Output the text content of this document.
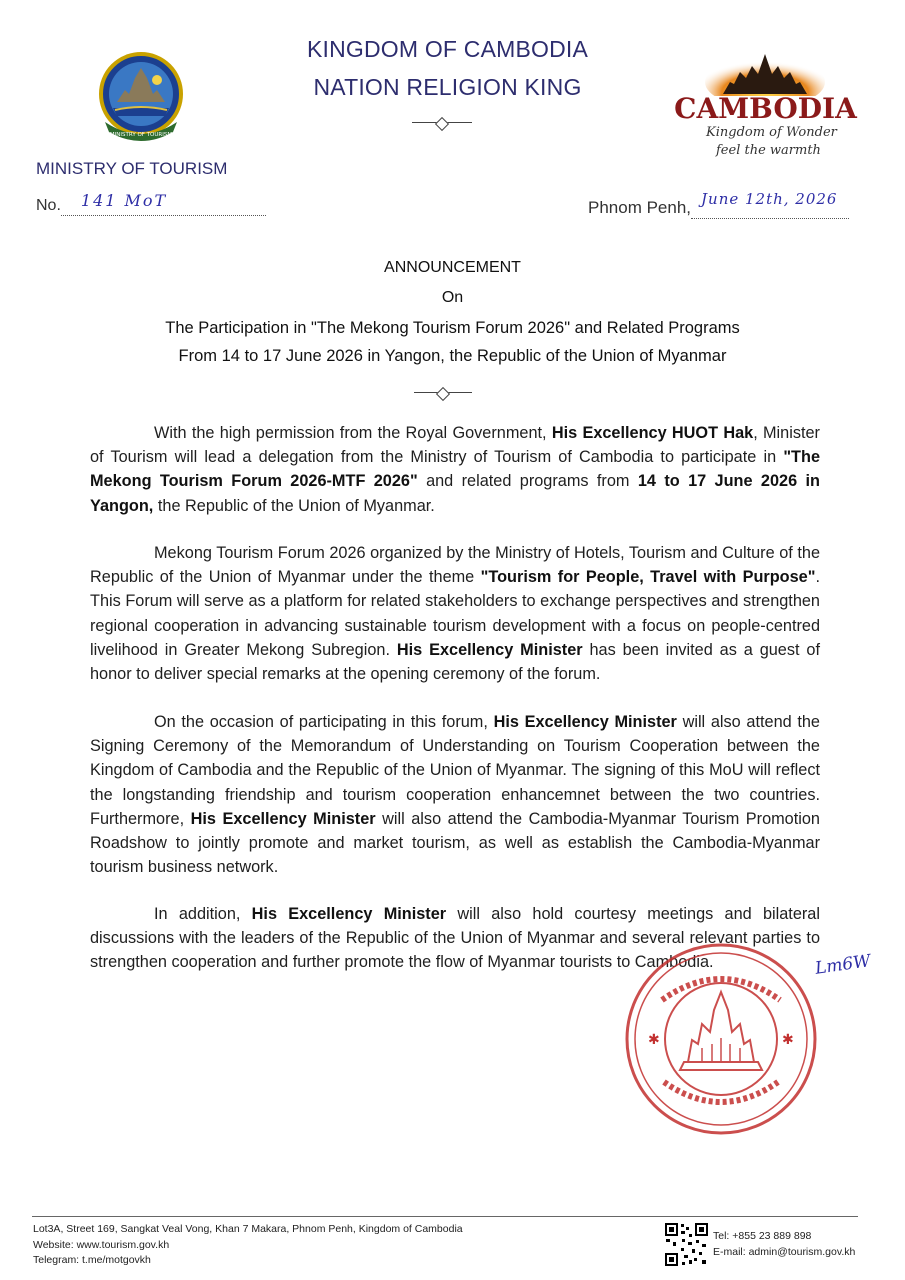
MINISTRY OF TOURISM
KINGDOM OF CAMBODIA
NATION RELIGION KING
CAMBODIA
Kingdom of Wonder
feel the warmth
MINISTRY OF TOURISM
No. 141 MoT
	Phnom Penh, June 12th, 2026

ANNOUNCEMENT
On
The Participation in "The Mekong Tourism Forum 2026" and Related Programs
From 14 to 17 June 2026 in Yangon, the Republic of the Union of Myanmar

With the high permission from the Royal Government, His Excellency HUOT Hak, Minister of Tourism will lead a delegation from the Ministry of Tourism of Cambodia to participate in "The Mekong Tourism Forum 2026-MTF 2026" and related programs from 14 to 17 June 2026 in Yangon, the Republic of the Union of Myanmar.

Mekong Tourism Forum 2026 organized by the Ministry of Hotels, Tourism and Culture of the Republic of the Union of Myanmar under the theme "Tourism for People, Travel with Purpose". This Forum will serve as a platform for related stakeholders to exchange perspectives and strengthen regional cooperation in advancing sustainable tourism development with a focus on people-centred livelihood in Greater Mekong Subregion. His Excellency Minister has been invited as a guest of honor to deliver special remarks at the opening ceremony of the forum.

On the occasion of participating in this forum, His Excellency Minister will also attend the Signing Ceremony of the Memorandum of Understanding on Tourism Cooperation between the Kingdom of Cambodia and the Republic of the Union of Myanmar. The signing of this MoU will reflect the longstanding friendship and tourism cooperation enhancemnet between the two countries. Furthermore, His Excellency Minister will also attend the Cambodia-Myanmar Tourism Promotion Roadshow to jointly promote and market tourism, as well as establish the Cambodia-Myanmar tourism business network.

In addition, His Excellency Minister will also hold courtesy meetings and bilateral discussions with the leaders of the Republic of the Union of Myanmar and several relevant parties to strengthen cooperation and further promote the flow of Myanmar tourists to Cambodia.

✱	✱
Lm6W
Lot3A, Street 169, Sangkat Veal Vong, Khan 7 Makara, Phnom Penh, Kingdom of Cambodia
Website: www.tourism.gov.kh
Telegram: t.me/motgovkh
Tel: +855 23 889 898
E-mail: admin@tourism.gov.kh
